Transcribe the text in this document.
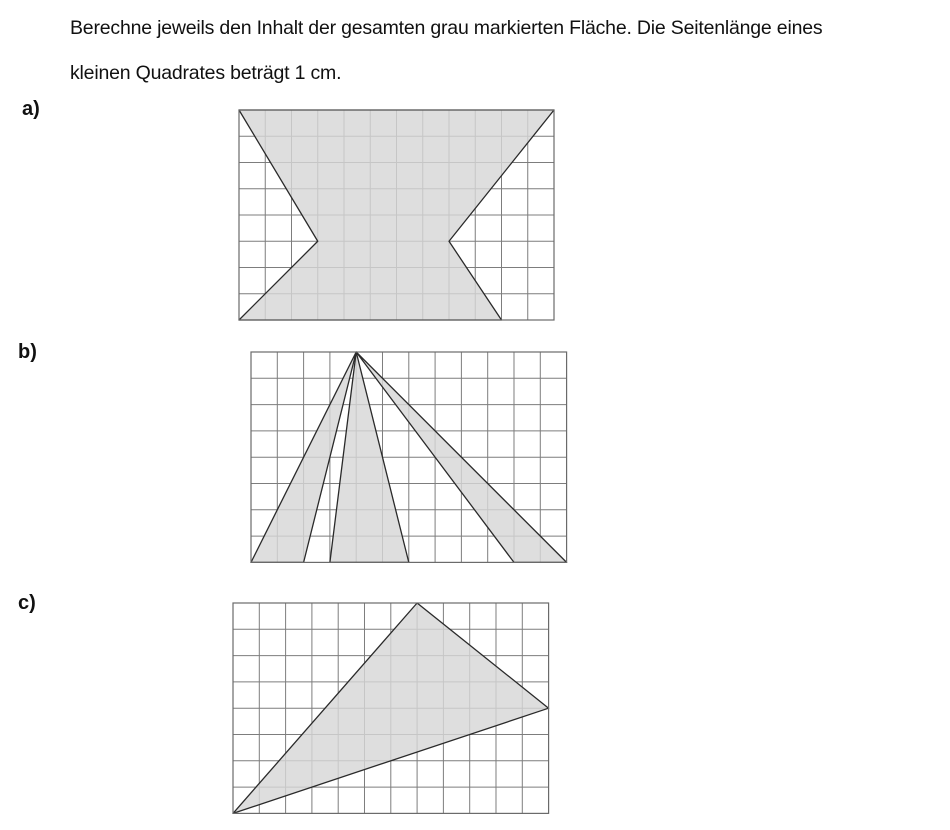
Berechne jeweils den Inhalt der gesamten grau markierten Fläche. Die Seitenlänge eines
kleinen Quadrates beträgt 1 cm.
a)
b)
c)
